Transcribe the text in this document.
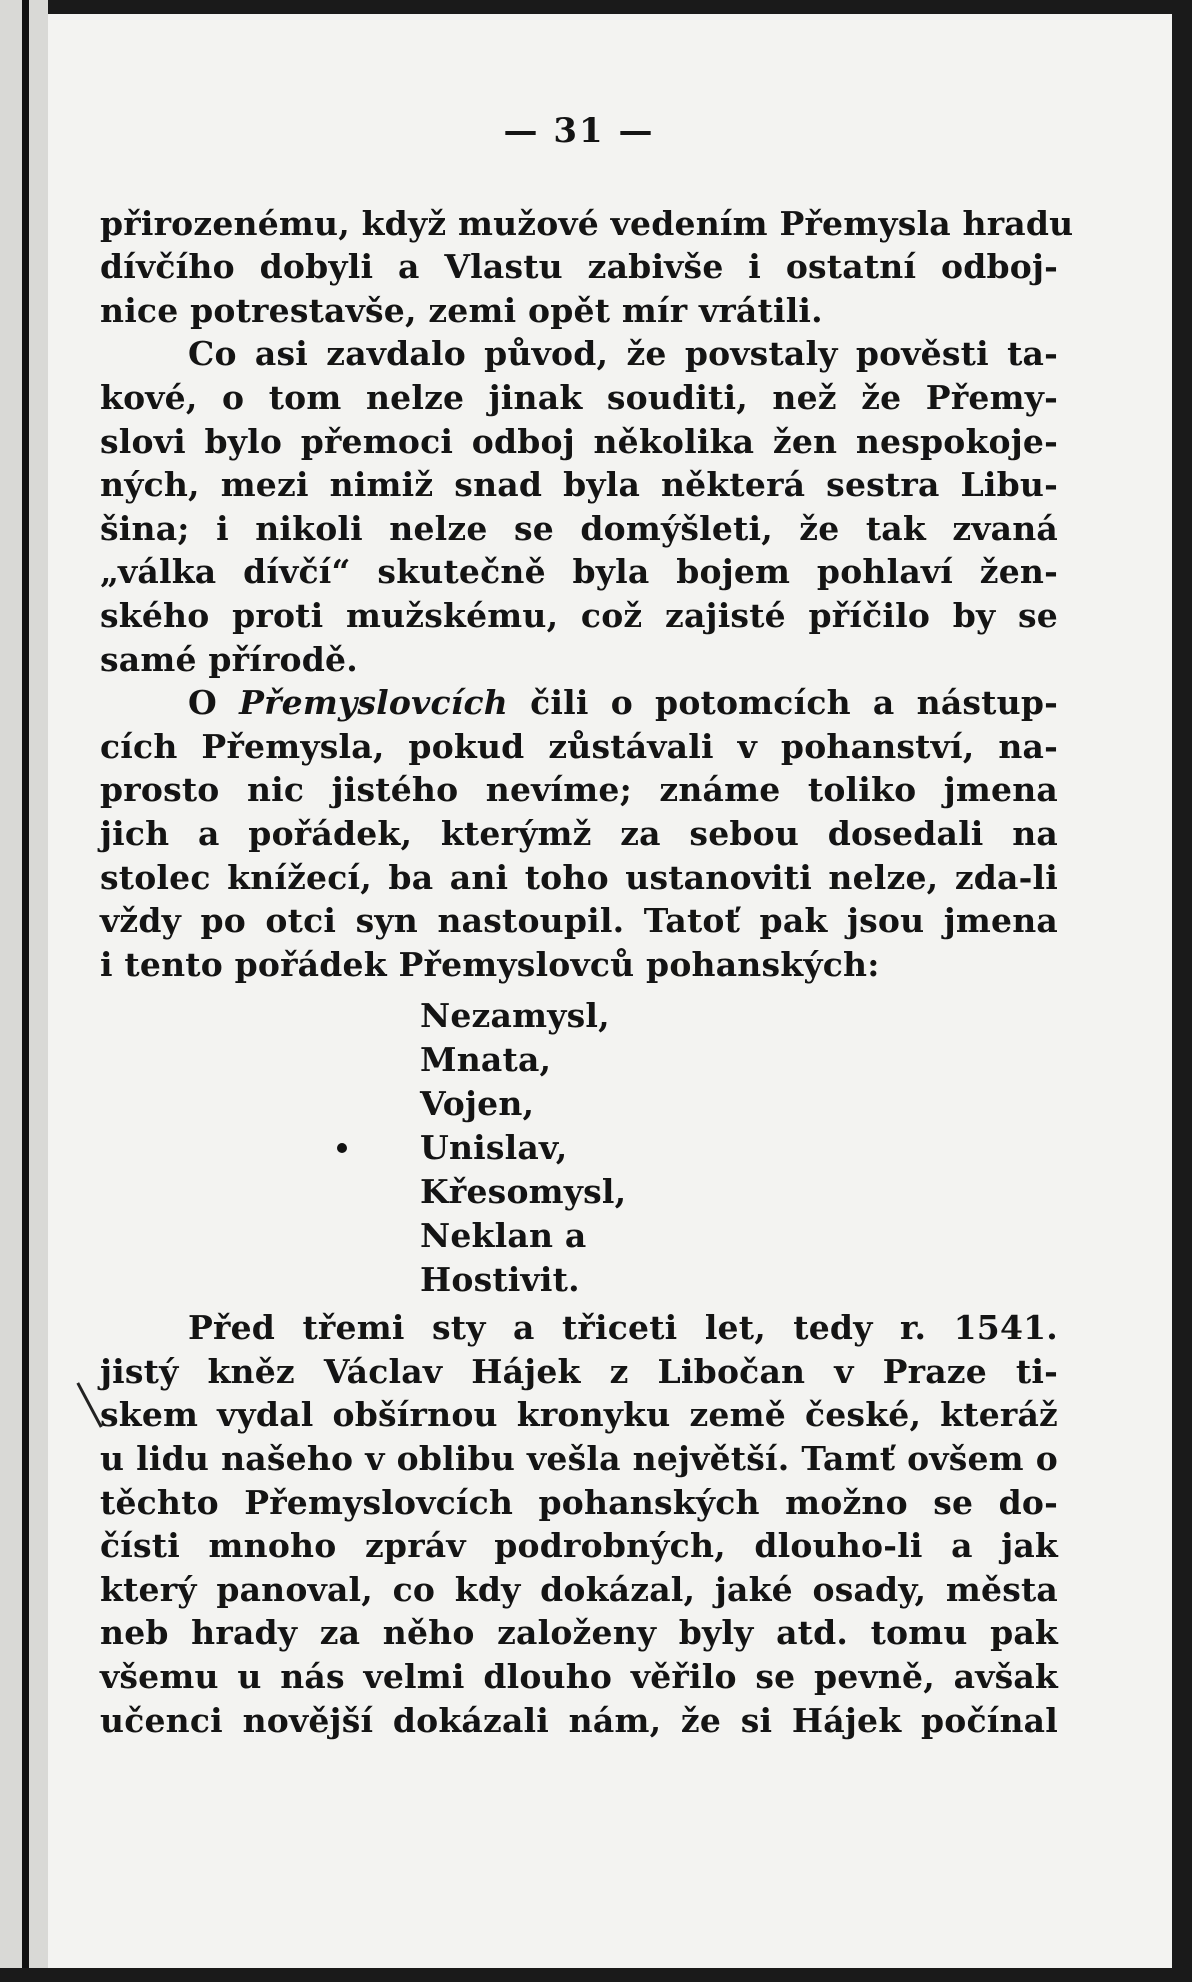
— 31 —
přirozenému, když mužové vedením Přemysla hradu
dívčího dobyli a Vlastu zabivše i ostatní odboj-
nice potrestavše, zemi opět mír vrátili.
Co asi zavdalo původ, že povstaly pověsti ta-
kové, o tom nelze jinak souditi, než že Přemy-
slovi bylo přemoci odboj několika žen nespokoje-
ných, mezi nimiž snad byla některá sestra Libu-
šina; i nikoli nelze se domýšleti, že tak zvaná
„válka dívčí“ skutečně byla bojem pohlaví žen-
ského proti mužskému, což zajisté příčilo by se
samé přírodě.
O Přemyslovcích čili o potomcích a nástup-
cích Přemysla, pokud zůstávali v pohanství, na-
prosto nic jistého nevíme; známe toliko jmena
jich a pořádek, kterýmž za sebou dosedali na
stolec knížecí, ba ani toho ustanoviti nelze, zda-li
vždy po otci syn nastoupil. Tatoť pak jsou jmena
i tento pořádek Přemyslovců pohanských:
Nezamysl,
Mnata,
Vojen,
Unislav,
Křesomysl,
Neklan a
Hostivit.
Před třemi sty a třiceti let, tedy r. 1541.
jistý kněz Václav Hájek z Libočan v Praze ti-
skem vydal obšírnou kronyku země české, kteráž
u lidu našeho v oblibu vešla největší. Tamť ovšem o
těchto Přemyslovcích pohanských možno se do-
čísti mnoho zpráv podrobných, dlouho-li a jak
který panoval, co kdy dokázal, jaké osady, města
neb hrady za něho založeny byly atd. tomu pak
všemu u nás velmi dlouho věřilo se pevně, avšak
učenci novější dokázali nám, že si Hájek počínal
